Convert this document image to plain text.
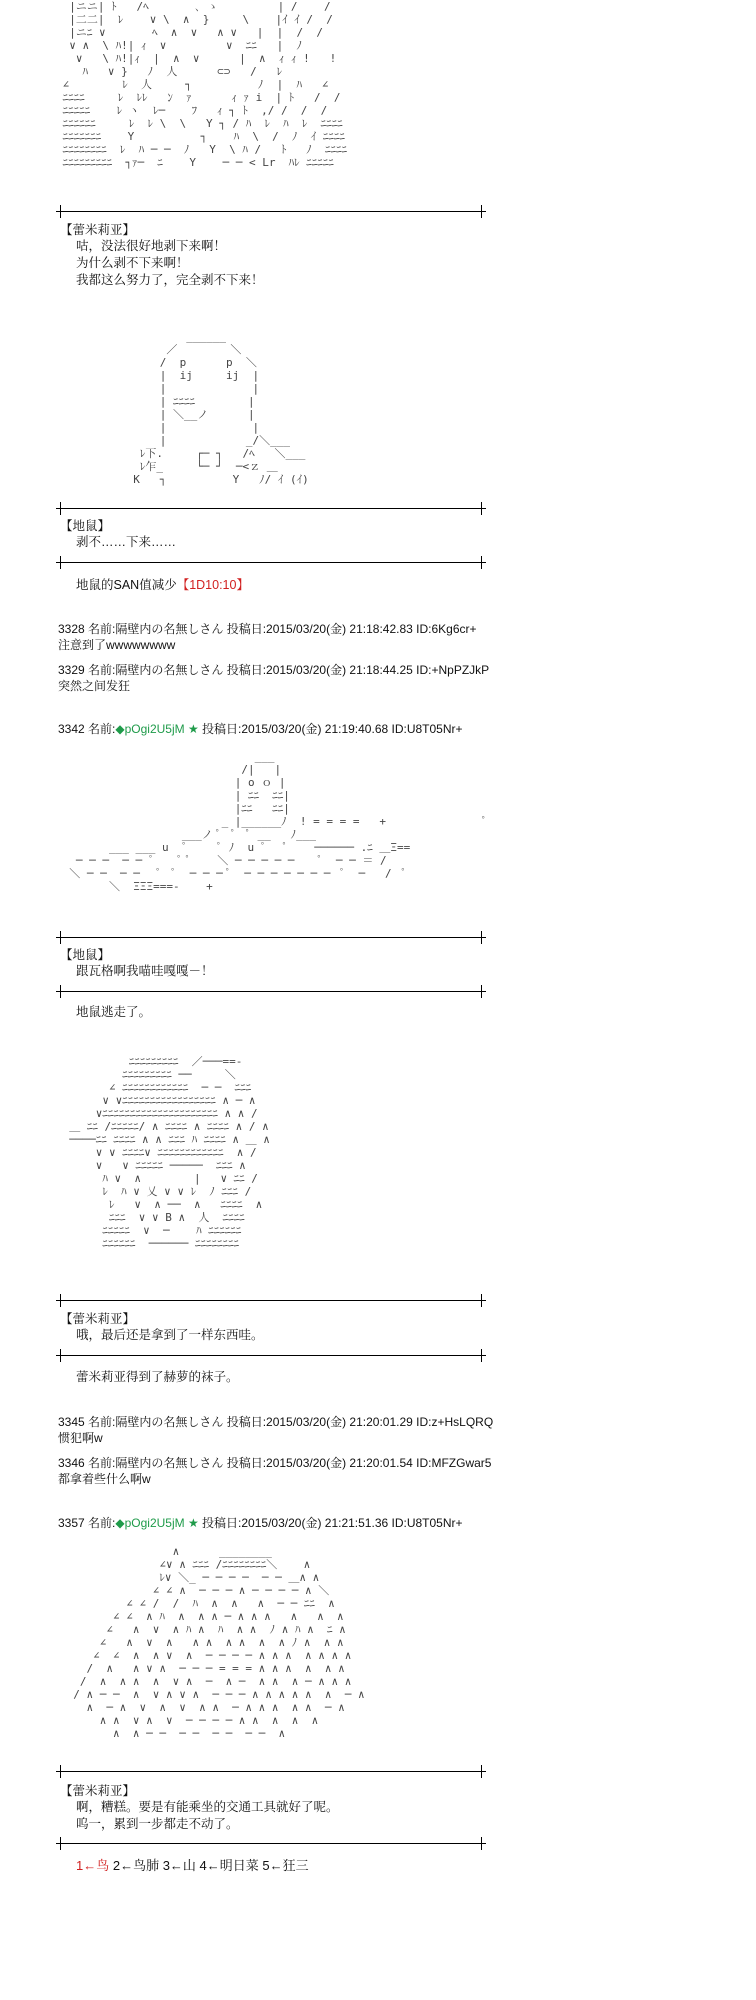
|ニニ| ﾄ   /ﾍ       ､ ゝ         | /    /
|二二|  ﾚ    ∨ \  ∧  }     \    |ｲ ｲ /  /
|ニﾆ ∨       ﾍ  ∧  ∨   ∧ ∨   |  |  /  /
∨ ∧  \ ﾊ!| ｨ  ∨         ∨  ﾆﾆ   |  ﾉ
∨   \ ﾊ!|ｨ  |  ∧  ∨      |  ∧  ｨ ｨ !   !
ﾊ   ∨ }   ﾉ  人      ⊂⊃   /   ﾚ
∠        ﾚ  人     ┐          ﾉ  |  ﾊ   ∠
ﾆﾆﾆﾆ     ﾚ  ﾚﾚ   ﾝ  ｧ      ｨ ｧ i  | ﾄ   /  /
ﾆﾆﾆﾆﾆ    ﾚ ヽ  ﾚ─    ﾌ   ｨ ┐ ﾄ  ,/ /  /  /
ﾆﾆﾆﾆﾆﾆ     ﾚ  ﾚ \  \   Y ┐ / ﾊ  ﾚ  ﾊ  ﾚ  ﾆﾆﾆﾆ
ﾆﾆﾆﾆﾆﾆﾆ    Y          ┐    ﾊ  \  /  ﾉ  ｲ ﾆﾆﾆﾆ
ﾆﾆﾆﾆﾆﾆﾆﾆ  ﾚ  ﾊ ─ ─  ﾉ   Y  \ ﾊ /   ﾄ   ﾉ  ﾆﾆﾆﾆ
ﾆﾆﾆﾆﾆﾆﾆﾆﾆ  ┐ｧ─  ﾆ    Y    ─ ─ < Lr  ﾊﾚ ﾆﾆﾆﾆﾆ
【蕾米莉亚】
咕，没法很好地剥下来啊！
为什么剥不下来啊！
我都这么努力了，完全剥不下来！
______
／        ＼
/  p      p  ＼
|  ij     ij  |
|             |
| ﾆﾆﾆﾆ        |
| ＼__ノ      |
|             |
|            _/＼___
ﾚ下.     ┌─ ┐   /ﾍ   ＼___
ﾚ乍_     └─ ┘  ─<ｚ ＿
K   ┐          Y   ﾉ/ ｲ (ｲ)
【地鼠】
剥不……下来……
地鼠的SAN值减少【1D10:10】
3328 名前:隔壁内の名無しさん 投稿日:2015/03/20(金) 21:18:42.83 ID:6Kg6cr+
注意到了wwwwwwww
3329 名前:隔壁内の名無しさん 投稿日:2015/03/20(金) 21:18:44.25 ID:+NpPZJkP
突然之间发狂
3342 名前:◆pOgi2U5jM ★ 投稿日:2015/03/20(金) 21:19:40.68 ID:U8T05Nr+
___
/|   |
| o ｏ |
| ﾆﾆ  ﾆﾆ|
|ﾆﾆ   ﾆﾆ|
_ |______ﾉ  ! = = = =   +               ﾟ
___ノ ﾟ  ﾟ  ﾟ __   ﾉ___
___ ___ u  ﾟ     ﾟ ﾉ  u ﾟ   ﾟ    ────── .ﾆ ＿Ξ==
─ ─ ─  ─ ─ ﾟ    ﾟ ﾟ    ＼ ─ ─ ─ ─ ─    ﾟ  ─ ─ ＝ /
＼ ─ ─  ─ ─   ﾟ  ﾟ  ─ ─ ─ ﾟ  ─ ─ ─ ─ ─ ─ ─  ﾟ  ─   /  ﾟ
＼  ΞΞΞ===-    +
【地鼠】
跟瓦格啊我喵哇嘎嘎－！
地鼠逃走了。
ﾆﾆﾆﾆﾆﾆﾆﾆﾆ  ／───==-
ﾆﾆﾆﾆﾆﾆﾆﾆﾆ ──     ＼
∠ ﾆﾆﾆﾆﾆﾆﾆﾆﾆﾆﾆﾆ  ─ ─  ﾆﾆﾆ
∨ ∨ﾆﾆﾆﾆﾆﾆﾆﾆﾆﾆﾆﾆﾆﾆﾆﾆﾆ ∧ ─ ∧
∨ﾆﾆﾆﾆﾆﾆﾆﾆﾆﾆﾆﾆﾆﾆﾆﾆﾆﾆﾆﾆﾆ ∧ ∧ /
＿ ﾆﾆ /ﾆﾆﾆﾆﾆ/ ∧ ﾆﾆﾆﾆ ∧ ﾆﾆﾆﾆ ∧ / ∧
────ﾆﾆ ﾆﾆﾆﾆ ∧ ∧ ﾆﾆﾆ ﾊ ﾆﾆﾆﾆ ∧ ＿ ∧
∨ ∨ ﾆﾆﾆﾆ∨ ﾆﾆﾆﾆﾆﾆﾆﾆﾆﾆﾆﾆ  ∧ /
∨   ∨ ﾆﾆﾆﾆﾆ ─────  ﾆﾆﾆ ∧
ﾊ ∨  ∧        |   ∨ ﾆﾆ /
ﾚ  ﾊ ∨ 乂 ∨ ∨ ﾚ  ﾉ ﾆﾆﾆ /
ﾚ   ∨  ∧ ──  ∧   ﾆﾆﾆﾆ  ∧
ﾆﾆﾆ  ∨ ∨ B ∧  人  ﾆﾆﾆﾆ
ﾆﾆﾆﾆﾆ  ∨  ─    ﾊ ﾆﾆﾆﾆﾆﾆ
ﾆﾆﾆﾆﾆﾆ  ────── ﾆﾆﾆﾆﾆﾆﾆﾆ
【蕾米莉亚】
哦，最后还是拿到了一样东西哇。
蕾米莉亚得到了赫萝的袜子。
3345 名前:隔壁内の名無しさん 投稿日:2015/03/20(金) 21:20:01.29 ID:z+HsLQRQ
惯犯啊w
3346 名前:隔壁内の名無しさん 投稿日:2015/03/20(金) 21:20:01.54 ID:MFZGwar5
都拿着些什么啊w
3357 名前:◆pOgi2U5jM ★ 投稿日:2015/03/20(金) 21:21:51.36 ID:U8T05Nr+
∧      ________
∠∨ ∧ ﾆﾆﾆ /ﾆﾆﾆﾆﾆﾆﾆﾆ＼    ∧
ﾚ∨ ＼_ ─ ─ ─ ─  ─ ─ ＿∧ ∧
∠ ∠ ∧  ─ ─ ─ ∧ ─ ─ ─ ─ ∧ ＼
∠ ∠ /  /  ﾊ  ∧  ∧   ∧  ─ ─ ﾆﾆ  ∧
∠ ∠  ∧ ﾊ  ∧  ∧ ∧ ─ ∧ ∧ ∧   ∧   ∧  ∧
∠   ∧  ∨  ∧ ﾊ ∧  ﾊ  ∧ ∧  ﾉ ∧ ﾊ ∧  ﾆ ∧
∠   ∧  ∨  ∧   ∧ ∧  ∧ ∧  ∧  ∧ ﾉ ∧  ∧ ∧
∠  ∠  ∧  ∧ ∨  ∧  ─ ─ ─ ─ ∧ ∧ ∧  ∧ ∧ ∧ ∧
/  ∧   ∧ ∨ ∧  ─ ─ ─ = = = ∧ ∧ ∧  ∧  ∧ ∧
/  ∧  ∧ ∧  ∧  ∨ ∧  ─  ∧ ─  ∧ ∧  ∧ ─ ∧ ∧ ∧
/ ∧ ─ ─  ∧  ∨ ∧ ∨ ∧  ─ ─ ─ ∧ ∧ ∧ ∧ ∧  ∧  ─ ∧
∧  ─ ∧  ∨  ∧  ∨  ∧ ∧  ─ ∧ ∧ ∧  ∧ ∧  ─ ∧
∧ ∧  ∨ ∧  ∨  ─ ─ ─ ─ ∧ ∧  ∧  ∧  ∧
∧  ∧ ─ ─  ─ ─  ─ ─  ─ ─  ∧
【蕾米莉亚】
啊，糟糕。要是有能乘坐的交通工具就好了呢。
呜一，累到一步都走不动了。
1←鸟 2←鸟肺 3←山 4←明日菜 5←狂三
